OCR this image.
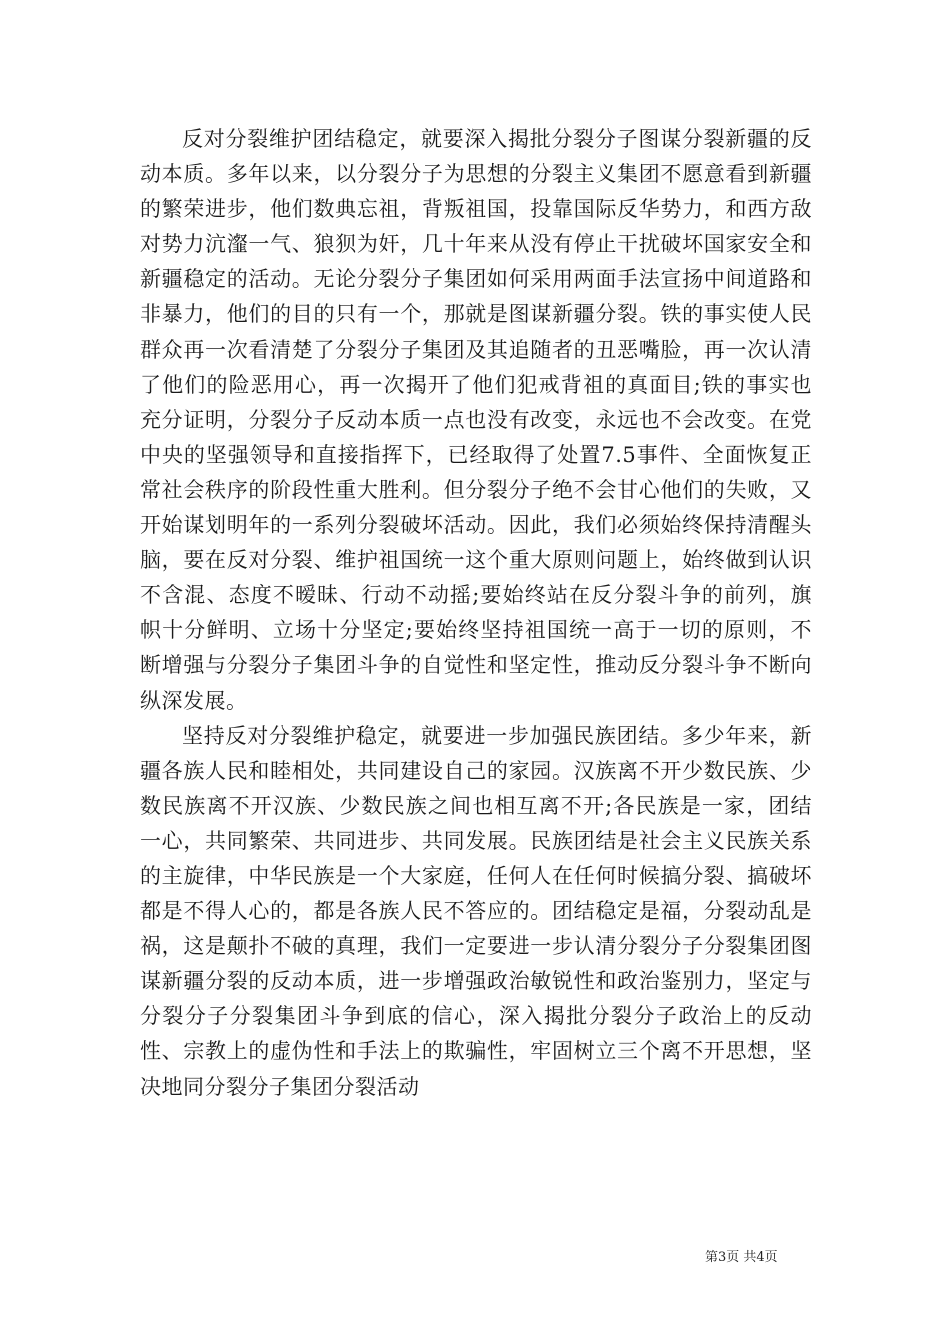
反对分裂维护团结稳定，就要深入揭批分裂分子图谋分裂新疆的反动本质。多年以来，以分裂分子为思想的分裂主义集团不愿意看到新疆的繁荣进步，他们数典忘祖，背叛祖国，投靠国际反华势力，和西方敌对势力沆瀣一气、狼狈为奸，几十年来从没有停止干扰破坏国家安全和新疆稳定的活动。无论分裂分子集团如何采用两面手法宣扬中间道路和非暴力，他们的目的只有一个，那就是图谋新疆分裂。铁的事实使人民群众再一次看清楚了分裂分子集团及其追随者的丑恶嘴脸，再一次认清了他们的险恶用心，再一次揭开了他们犯戒背祖的真面目;铁的事实也充分证明，分裂分子反动本质一点也没有改变，永远也不会改变。在党中央的坚强领导和直接指挥下，已经取得了处置7.5事件、全面恢复正常社会秩序的阶段性重大胜利。但分裂分子绝不会甘心他们的失败，又开始谋划明年的一系列分裂破坏活动。因此，我们必须始终保持清醒头脑，要在反对分裂、维护祖国统一这个重大原则问题上，始终做到认识不含混、态度不暧昧、行动不动摇;要始终站在反分裂斗争的前列，旗帜十分鲜明、立场十分坚定;要始终坚持祖国统一高于一切的原则，不断增强与分裂分子集团斗争的自觉性和坚定性，推动反分裂斗争不断向纵深发展。

坚持反对分裂维护稳定，就要进一步加强民族团结。多少年来，新疆各族人民和睦相处，共同建设自己的家园。汉族离不开少数民族、少数民族离不开汉族、少数民族之间也相互离不开;各民族是一家，团结一心，共同繁荣、共同进步、共同发展。民族团结是社会主义民族关系的主旋律，中华民族是一个大家庭，任何人在任何时候搞分裂、搞破坏都是不得人心的，都是各族人民不答应的。团结稳定是福，分裂动乱是祸，这是颠扑不破的真理，我们一定要进一步认清分裂分子分裂集团图谋新疆分裂的反动本质，进一步增强政治敏锐性和政治鉴别力，坚定与分裂分子分裂集团斗争到底的信心，深入揭批分裂分子政治上的反动性、宗教上的虚伪性和手法上的欺骗性，牢固树立三个离不开思想，坚决地同分裂分子集团分裂活动

第3页 共4页
